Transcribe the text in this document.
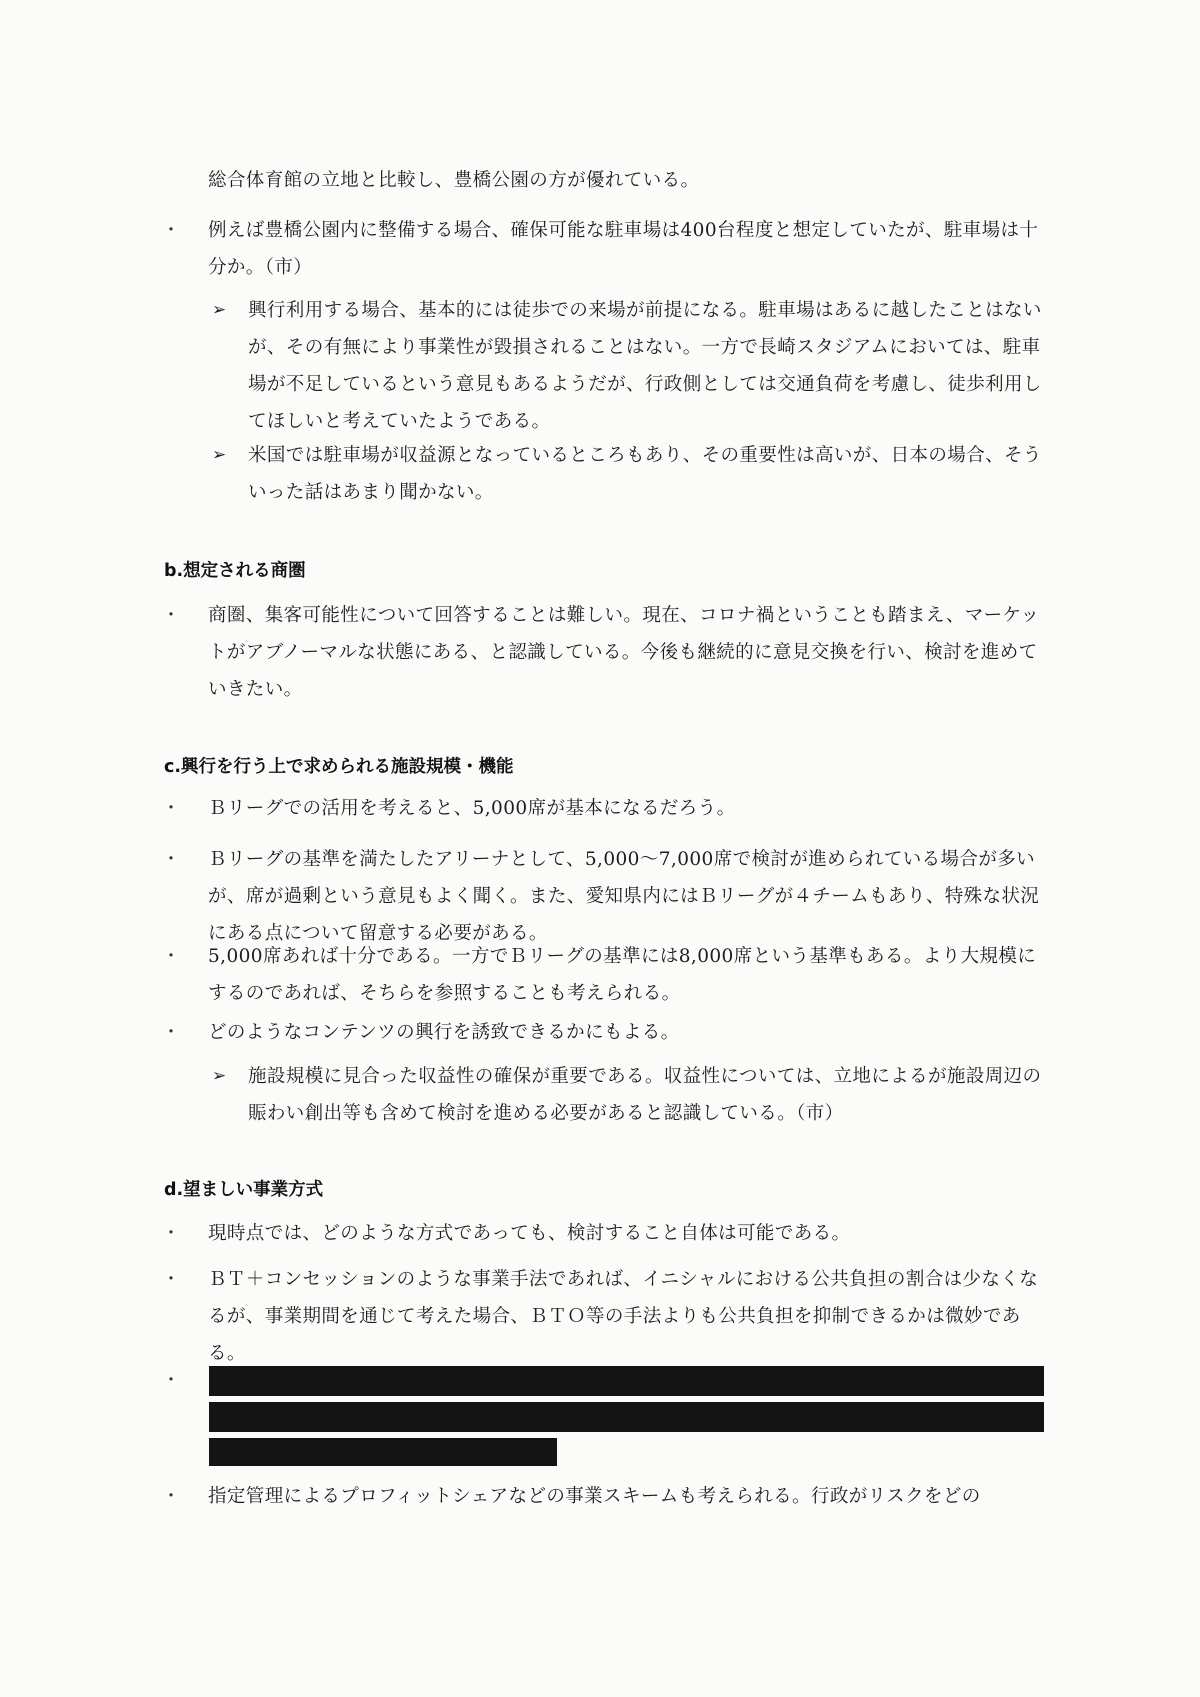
総合体育館の立地と比較し、豊橋公園の方が優れている。
・ 例えば豊橋公園内に整備する場合、確保可能な駐車場は400台程度と想定していたが、駐車場は十分か。（市）
➢	興行利用する場合、基本的には徒歩での来場が前提になる。駐車場はあるに越したことはないが、その有無により事業性が毀損されることはない。一方で長崎スタジアムにおいては、駐車場が不足しているという意見もあるようだが、行政側としては交通負荷を考慮し、徒歩利用してほしいと考えていたようである。
➢	米国では駐車場が収益源となっているところもあり、その重要性は高いが、日本の場合、そういった話はあまり聞かない。
b.想定される商圏
・ 商圏、集客可能性について回答することは難しい。現在、コロナ禍ということも踏まえ、マーケットがアブノーマルな状態にある、と認識している。今後も継続的に意見交換を行い、検討を進めていきたい。
c.興行を行う上で求められる施設規模・機能
・ Ｂリーグでの活用を考えると、5,000席が基本になるだろう。
・ Ｂリーグの基準を満たしたアリーナとして、5,000～7,000席で検討が進められている場合が多いが、席が過剰という意見もよく聞く。また、愛知県内にはＢリーグが４チームもあり、特殊な状況にある点について留意する必要がある。
・ 5,000席あれば十分である。一方でＢリーグの基準には8,000席という基準もある。より大規模にするのであれば、そちらを参照することも考えられる。
・ どのようなコンテンツの興行を誘致できるかにもよる。
➢	施設規模に見合った収益性の確保が重要である。収益性については、立地によるが施設周辺の賑わい創出等も含めて検討を進める必要があると認識している。（市）
d.望ましい事業方式
・ 現時点では、どのような方式であっても、検討すること自体は可能である。
・ ＢＴ＋コンセッションのような事業手法であれば、イニシャルにおける公共負担の割合は少なくなるが、事業期間を通じて考えた場合、ＢＴＯ等の手法よりも公共負担を抑制できるかは微妙である。
・
・ 指定管理によるプロフィットシェアなどの事業スキームも考えられる。行政がリスクをどの
